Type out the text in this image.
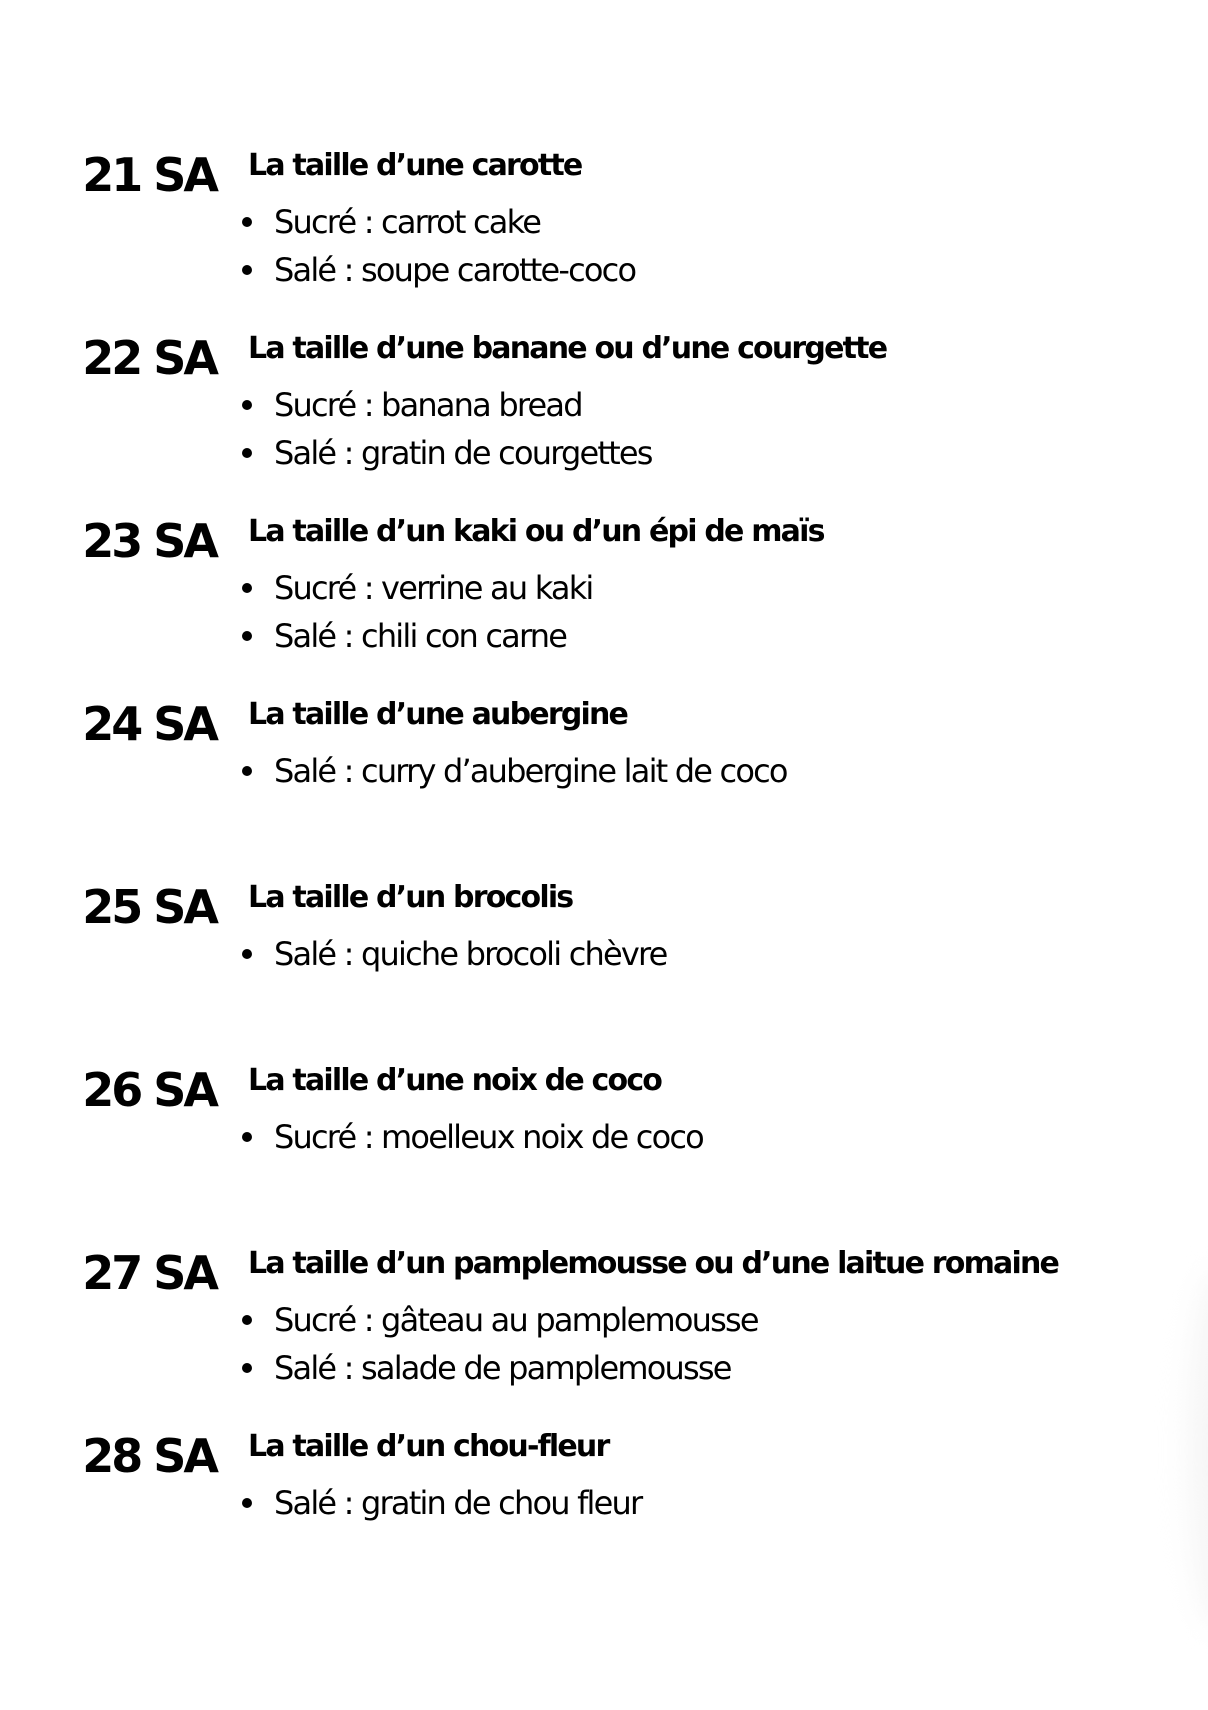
21 SA La taille d’une carotte
Sucré : carrot cake
Salé : soupe carotte-coco
22 SA La taille d’une banane ou d’une courgette
Sucré : banana bread
Salé : gratin de courgettes
23 SA La taille d’un kaki ou d’un épi de maïs
Sucré : verrine au kaki
Salé : chili con carne
24 SA La taille d’une aubergine
Salé : curry d’aubergine lait de coco
25 SA La taille d’un brocolis
Salé : quiche brocoli chèvre
26 SA La taille d’une noix de coco
Sucré : moelleux noix de coco
27 SA La taille d’un pamplemousse ou d’une laitue romaine
Sucré : gâteau au pamplemousse
Salé : salade de pamplemousse
28 SA La taille d’un chou-fleur
Salé : gratin de chou fleur
